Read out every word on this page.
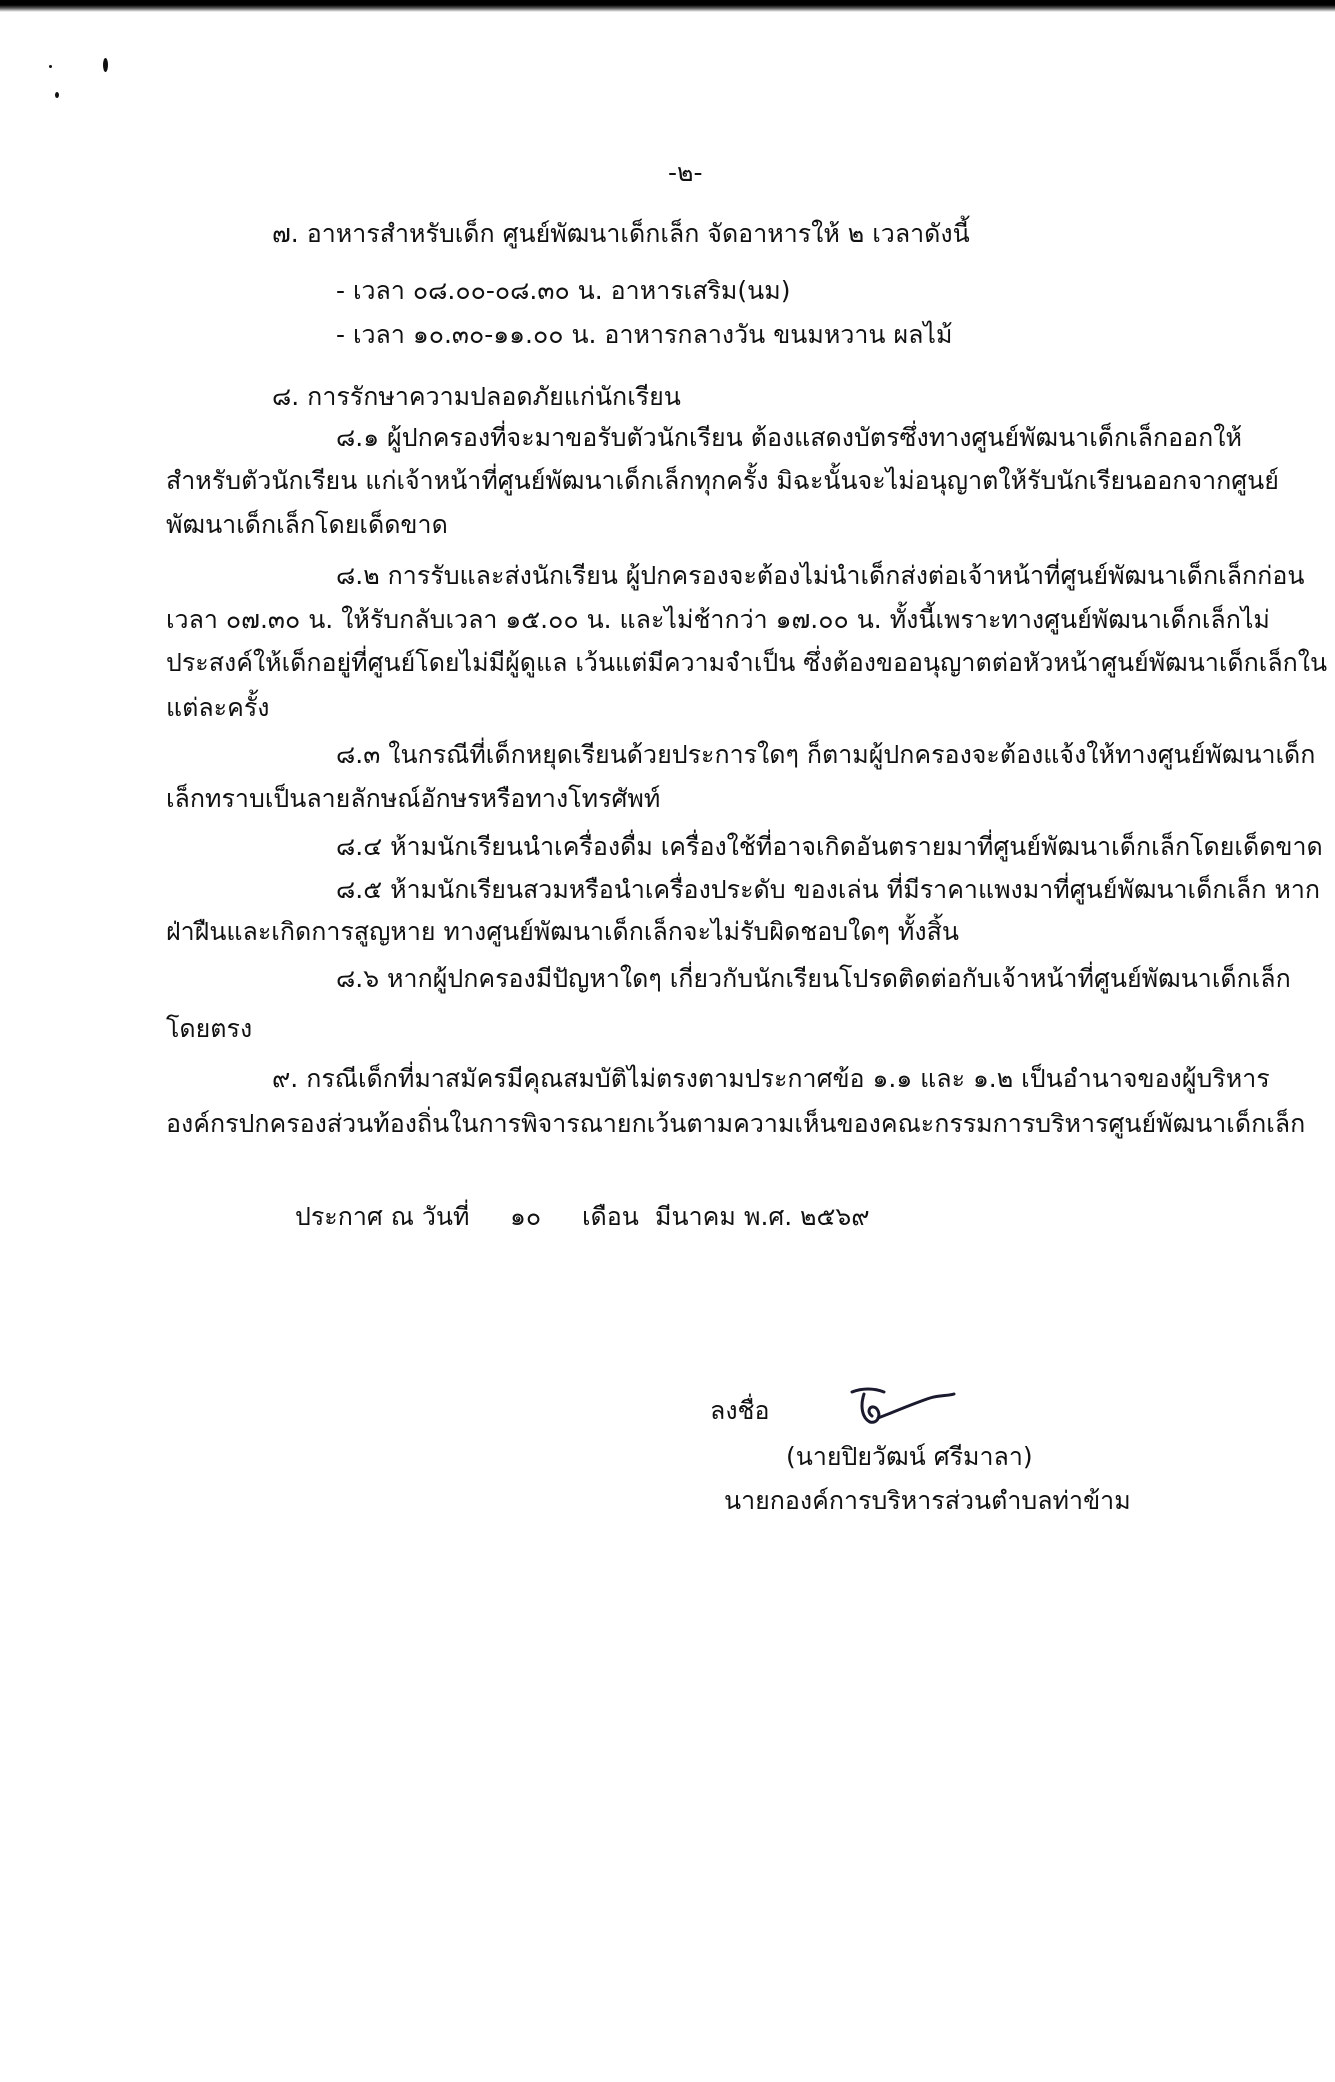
-๒-

๗. อาหารสำหรับเด็ก ศูนย์พัฒนาเด็กเล็ก จัดอาหารให้ ๒ เวลาดังนี้

- เวลา ๐๘.๐๐-๐๘.๓๐ น. อาหารเสริม(นม)

- เวลา ๑๐.๓๐-๑๑.๐๐ น. อาหารกลางวัน ขนมหวาน ผลไม้

๘. การรักษาความปลอดภัยแก่นักเรียน

๘.๑ ผู้ปกครองที่จะมาขอรับตัวนักเรียน ต้องแสดงบัตรซึ่งทางศูนย์พัฒนาเด็กเล็กออกให้

สำหรับตัวนักเรียน แก่เจ้าหน้าที่ศูนย์พัฒนาเด็กเล็กทุกครั้ง มิฉะนั้นจะไม่อนุญาตให้รับนักเรียนออกจากศูนย์

พัฒนาเด็กเล็กโดยเด็ดขาด

๘.๒ การรับและส่งนักเรียน ผู้ปกครองจะต้องไม่นำเด็กส่งต่อเจ้าหน้าที่ศูนย์พัฒนาเด็กเล็กก่อน

เวลา ๐๗.๓๐ น. ให้รับกลับเวลา ๑๕.๐๐ น. และไม่ช้ากว่า ๑๗.๐๐ น. ทั้งนี้เพราะทางศูนย์พัฒนาเด็กเล็กไม่

ประสงค์ให้เด็กอยู่ที่ศูนย์โดยไม่มีผู้ดูแล เว้นแต่มีความจำเป็น ซึ่งต้องขออนุญาตต่อหัวหน้าศูนย์พัฒนาเด็กเล็กใน

แต่ละครั้ง

๘.๓ ในกรณีที่เด็กหยุดเรียนด้วยประการใดๆ ก็ตามผู้ปกครองจะต้องแจ้งให้ทางศูนย์พัฒนาเด็ก

เล็กทราบเป็นลายลักษณ์อักษรหรือทางโทรศัพท์

๘.๔ ห้ามนักเรียนนำเครื่องดื่ม เครื่องใช้ที่อาจเกิดอันตรายมาที่ศูนย์พัฒนาเด็กเล็กโดยเด็ดขาด

๘.๕ ห้ามนักเรียนสวมหรือนำเครื่องประดับ ของเล่น ที่มีราคาแพงมาที่ศูนย์พัฒนาเด็กเล็ก หาก

ฝ่าฝืนและเกิดการสูญหาย ทางศูนย์พัฒนาเด็กเล็กจะไม่รับผิดชอบใดๆ ทั้งสิ้น

๘.๖ หากผู้ปกครองมีปัญหาใดๆ เกี่ยวกับนักเรียนโปรดติดต่อกับเจ้าหน้าที่ศูนย์พัฒนาเด็กเล็ก

โดยตรง

๙. กรณีเด็กที่มาสมัครมีคุณสมบัติไม่ตรงตามประกาศข้อ ๑.๑ และ ๑.๒ เป็นอำนาจของผู้บริหาร

องค์กรปกครองส่วนท้องถิ่นในการพิจารณายกเว้นตามความเห็นของคณะกรรมการบริหารศูนย์พัฒนาเด็กเล็ก

ประกาศ ณ วันที่ ๑๐ เดือน มีนาคม พ.ศ. ๒๕๖๙

ลงชื่อ

(นายปิยวัฒน์ ศรีมาลา)

นายกองค์การบริหารส่วนตำบลท่าข้าม
